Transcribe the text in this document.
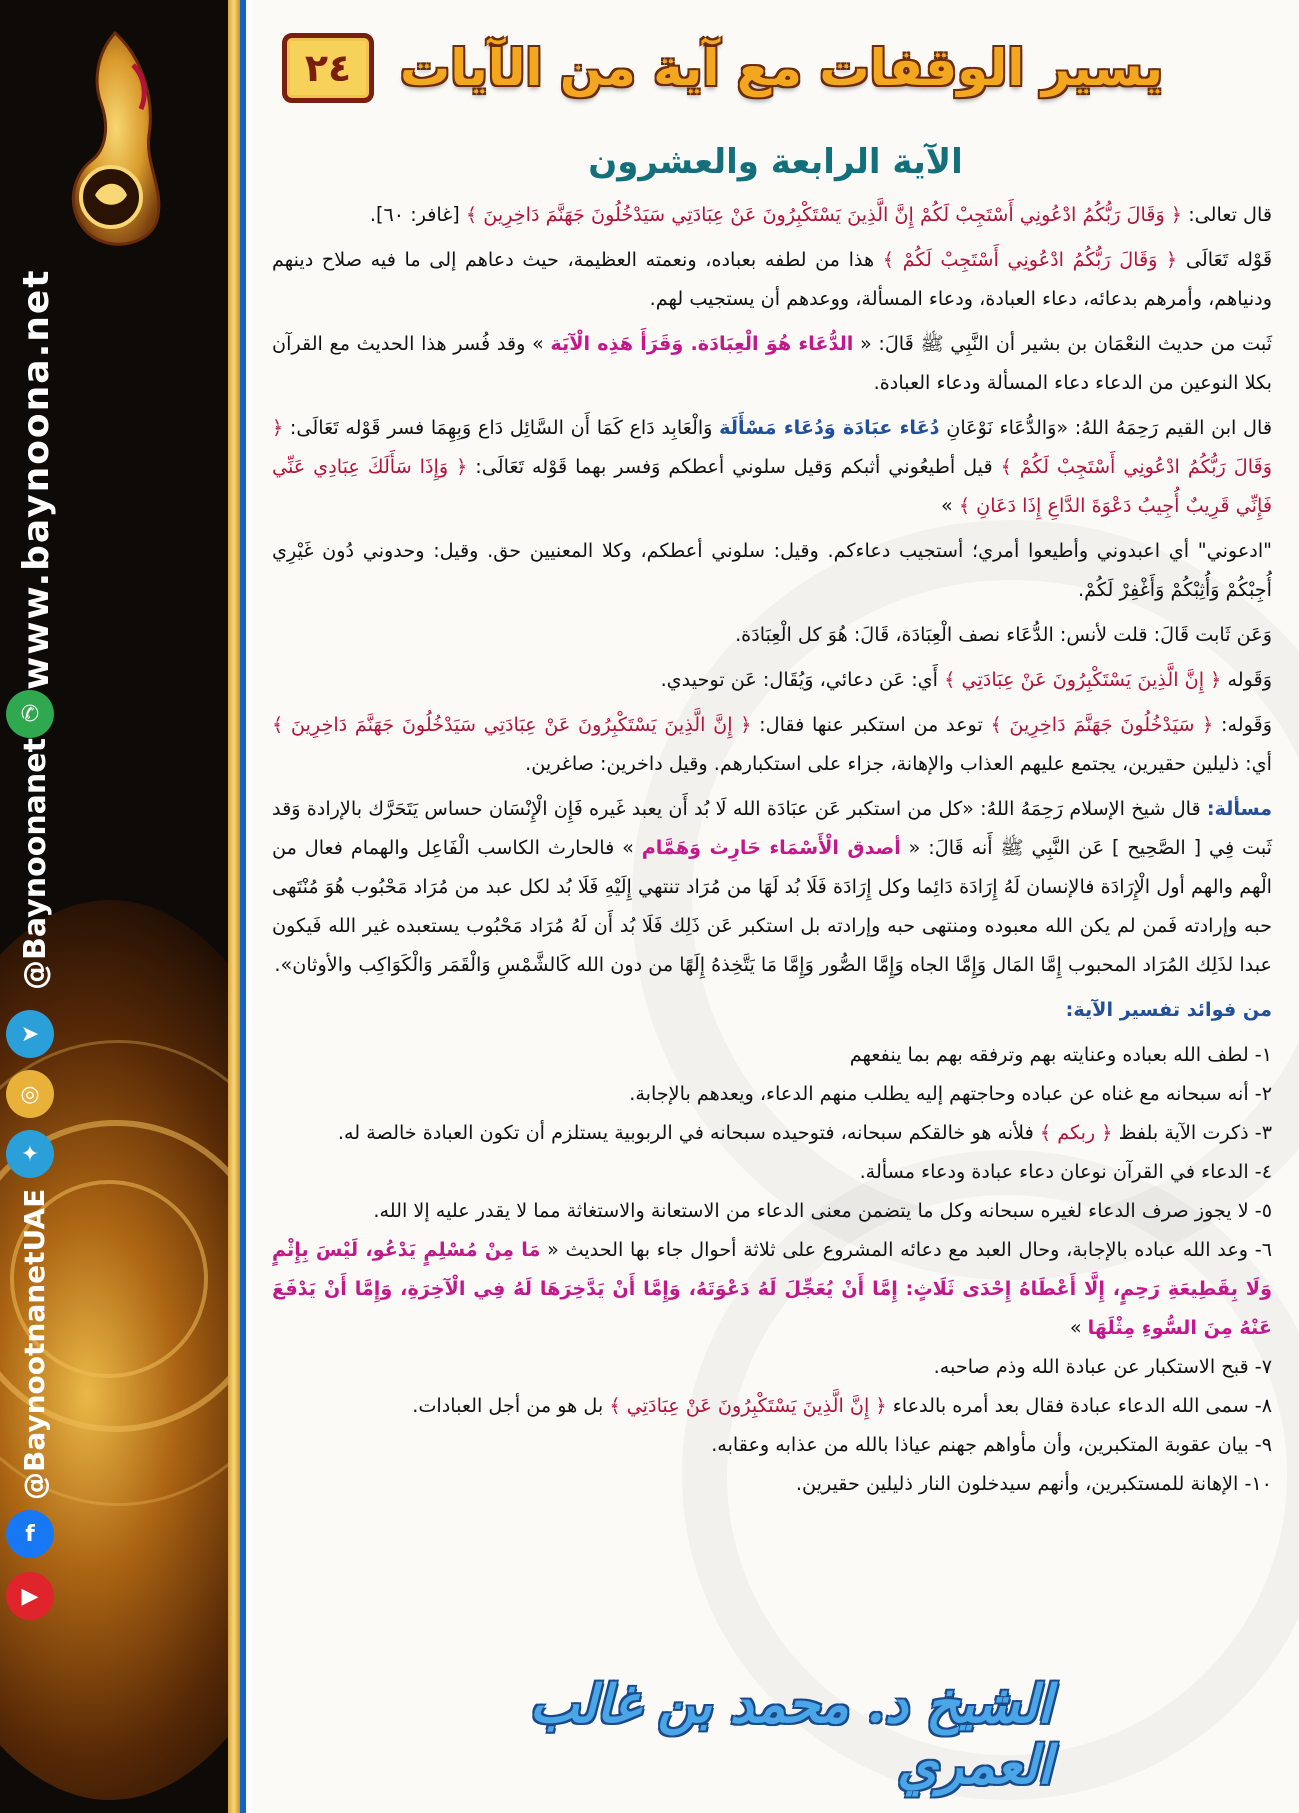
www.baynoona.net
✆
@Baynoonanet
➤
◎
✦
@BaynootnanetUAE
f
▶
يسير الوقفات مع آية من الآيات
٢٤
الآية الرابعة والعشرون

قال تعالى: ﴿ وَقَالَ رَبُّكُمُ ادْعُونِي أَسْتَجِبْ لَكُمْ إِنَّ الَّذِينَ يَسْتَكْبِرُونَ عَنْ عِبَادَتِي سَيَدْخُلُونَ جَهَنَّمَ دَاخِرِينَ ﴾ [غافر: ٦٠].

قَوْله تَعَالَى ﴿ وَقَالَ رَبُّكُمُ ادْعُونِي أَسْتَجِبْ لَكُمْ ﴾ هذا من لطفه بعباده، ونعمته العظيمة، حيث دعاهم إلى ما فيه صلاح دينهم ودنياهم، وأمرهم بدعائه، دعاء العبادة، ودعاء المسألة، ووعدهم أن يستجيب لهم.

ثَبت من حديث النعْمَان بن بشير أن النَّبِي ﷺ قَالَ: « الدُّعَاء هُوَ الْعِبَادَة. وَقَرَأَ هَذِه الْآيَة » وقد فُسر هذا الحديث مع القرآن بكلا النوعين من الدعاء دعاء المسألة ودعاء العبادة.

قال ابن القيم رَحِمَهُ اللهُ: «وَالدُّعَاء نَوْعَانِ دُعَاء عبَادَة وَدُعَاء مَسْأَلَة وَالْعَابِد دَاع كَمَا أَن السَّائِل دَاع وَبِهِمَا فسر قَوْله تَعَالَى: ﴿ وَقَالَ رَبُّكُمُ ادْعُونِي أَسْتَجِبْ لَكُمْ ﴾ قيل أطيعُوني أثبكم وَقيل سلوني أعطكم وَفسر بهما قَوْله تَعَالَى: ﴿ وَإِذَا سَأَلَكَ عِبَادِي عَنِّي فَإِنِّي قَرِيبٌ أُجِيبُ دَعْوَةَ الدَّاعِ إِذَا دَعَانِ ﴾ »

"ادعوني" أي اعبدوني وأطيعوا أمري؛ أستجيب دعاءكم. وقيل: سلوني أعطكم، وكلا المعنيين حق. وقيل: وحدوني دُون غَيْرِي أُجِبْكُمْ وَأُثِبْكُمْ وَأَغْفِرْ لَكُمْ.

وَعَن ثَابت قَالَ: قلت لأنس: الدُّعَاء نصف الْعِبَادَة، قَالَ: هُوَ كل الْعِبَادَة.

وَقَوله ﴿ إِنَّ الَّذِينَ يَسْتَكْبِرُونَ عَنْ عِبَادَتِي ﴾ أَي: عَن دعائي، وَيُقَال: عَن توحيدي.

وَقَوله: ﴿ سَيَدْخُلُونَ جَهَنَّمَ دَاخِرِينَ ﴾ توعد من استكبر عنها فقال: ﴿ إِنَّ الَّذِينَ يَسْتَكْبِرُونَ عَنْ عِبَادَتِي سَيَدْخُلُونَ جَهَنَّمَ دَاخِرِينَ ﴾ أي: ذليلين حقيرين، يجتمع عليهم العذاب والإهانة، جزاء على استكبارهم. وقيل داخرين: صاغرين.

مسألة: قال شيخ الإسلام رَحِمَهُ اللهُ: «كل من استكبر عَن عبَادَة الله لَا بُد أَن يعبد غَيره فَإِن الْإِنْسَان حساس يَتَحَرَّك بالإرادة وَقد ثَبت فِي [ الصَّحِيح ] عَن النَّبِي ﷺ أَنه قَالَ: « أصدق الْأَسْمَاء حَارِث وَهَمَّام » فالحارث الكاسب الْفَاعِل والهمام فعال من الْهم والهم أول الْإِرَادَة فالإنسان لَهُ إِرَادَة دَائِما وكل إِرَادَة فَلَا بُد لَهَا من مُرَاد تنتهي إِلَيْهِ فَلَا بُد لكل عبد من مُرَاد مَحْبُوب هُوَ مُنْتَهى حبه وإرادته فَمن لم يكن الله معبوده ومنتهى حبه وإرادته بل استكبر عَن ذَلِك فَلَا بُد أَن لَهُ مُرَاد مَحْبُوب يستعبده غير الله فَيكون عبدا لذَلِك المُرَاد المحبوب إِمَّا المَال وَإِمَّا الجاه وَإِمَّا الصُّور وَإِمَّا مَا يَتَّخِذهُ إِلَهًا من دون الله كَالشَّمْسِ وَالْقَمَر وَالْكَوَاكِب والأوثان».

من فوائد تفسير الآية:

١- لطف الله بعباده وعنايته بهم وترفقه بهم بما ينفعهم

٢- أنه سبحانه مع غناه عن عباده وحاجتهم إليه يطلب منهم الدعاء، ويعدهم بالإجابة.

٣- ذكرت الآية بلفظ ﴿ ربكم ﴾ فلأنه هو خالقكم سبحانه، فتوحيده سبحانه في الربوبية يستلزم أن تكون العبادة خالصة له.

٤- الدعاء في القرآن نوعان دعاء عبادة ودعاء مسألة.

٥- لا يجوز صرف الدعاء لغيره سبحانه وكل ما يتضمن معنى الدعاء من الاستعانة والاستغاثة مما لا يقدر عليه إلا الله.

٦- وعد الله عباده بالإجابة، وحال العبد مع دعائه المشروع على ثلاثة أحوال جاء بها الحديث « مَا مِنْ مُسْلِمٍ يَدْعُو، لَيْسَ بِإِثْمٍ وَلَا بِقَطِيعَةِ رَحِمٍ، إِلَّا أَعْطَاهُ إِحْدَى ثَلَاثٍ: إِمَّا أَنْ يُعَجِّلَ لَهُ دَعْوَتَهُ، وَإِمَّا أَنْ يَدَّخِرَهَا لَهُ فِي الْآخِرَةِ، وَإِمَّا أَنْ يَدْفَعَ عَنْهُ مِنَ السُّوءِ مِثْلَهَا »

٧- قبح الاستكبار عن عبادة الله وذم صاحبه.

٨- سمى الله الدعاء عبادة فقال بعد أمره بالدعاء ﴿ إِنَّ الَّذِينَ يَسْتَكْبِرُونَ عَنْ عِبَادَتِي ﴾ بل هو من أجل العبادات.

٩- بيان عقوبة المتكبرين، وأن مأواهم جهنم عياذا بالله من عذابه وعقابه.

١٠- الإهانة للمستكبرين، وأنهم سيدخلون النار ذليلين حقيرين.

الشيخ د. محمد بن غالب العمري
